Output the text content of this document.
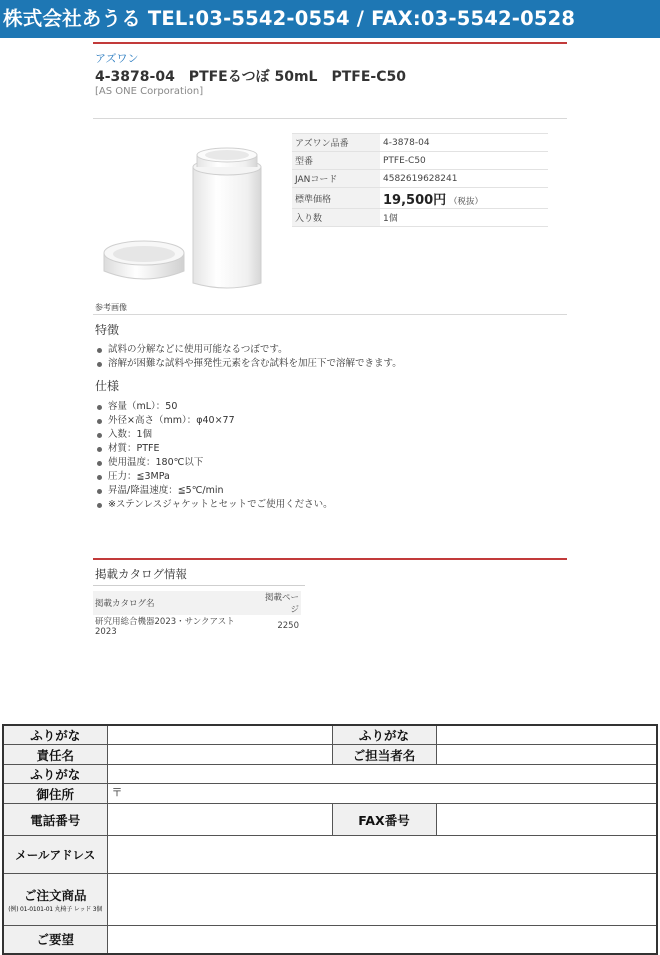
株式会社あうる TEL:03-5542-0554 / FAX:03-5542-0528
アズワン
4-3878-04　PTFEるつぼ 50mL　PTFE-C50
[AS ONE Corporation]
参考画像
アズワン品番	4-3878-04
型番	PTFE-C50
JANコード	4582619628241
標準価格	19,500円 （税抜）
入り数	1個
特徴
試料の分解などに使用可能なるつぼです。
溶解が困難な試料や揮発性元素を含む試料を加圧下で溶解できます。
仕様
容量（mL）：50
外径×高さ（mm）：φ40×77
入数：1個
材質：PTFE
使用温度：180℃以下
圧力：≦3MPa
昇温/降温速度：≦5℃/min
※ステンレスジャケットとセットでご使用ください。
掲載カタログ情報
掲載カタログ名	掲載ページ
研究用総合機器2023・サンクアスト2023	2250
ふりがな		ふりがな	
責任名		ご担当者名	
ふりがな			
御住所	〒		
電話番号		FAX番号	
メールアドレス			
ご注文商品
(例) 01-0101-01 丸椅子 レッド 3個			

ご要望			
